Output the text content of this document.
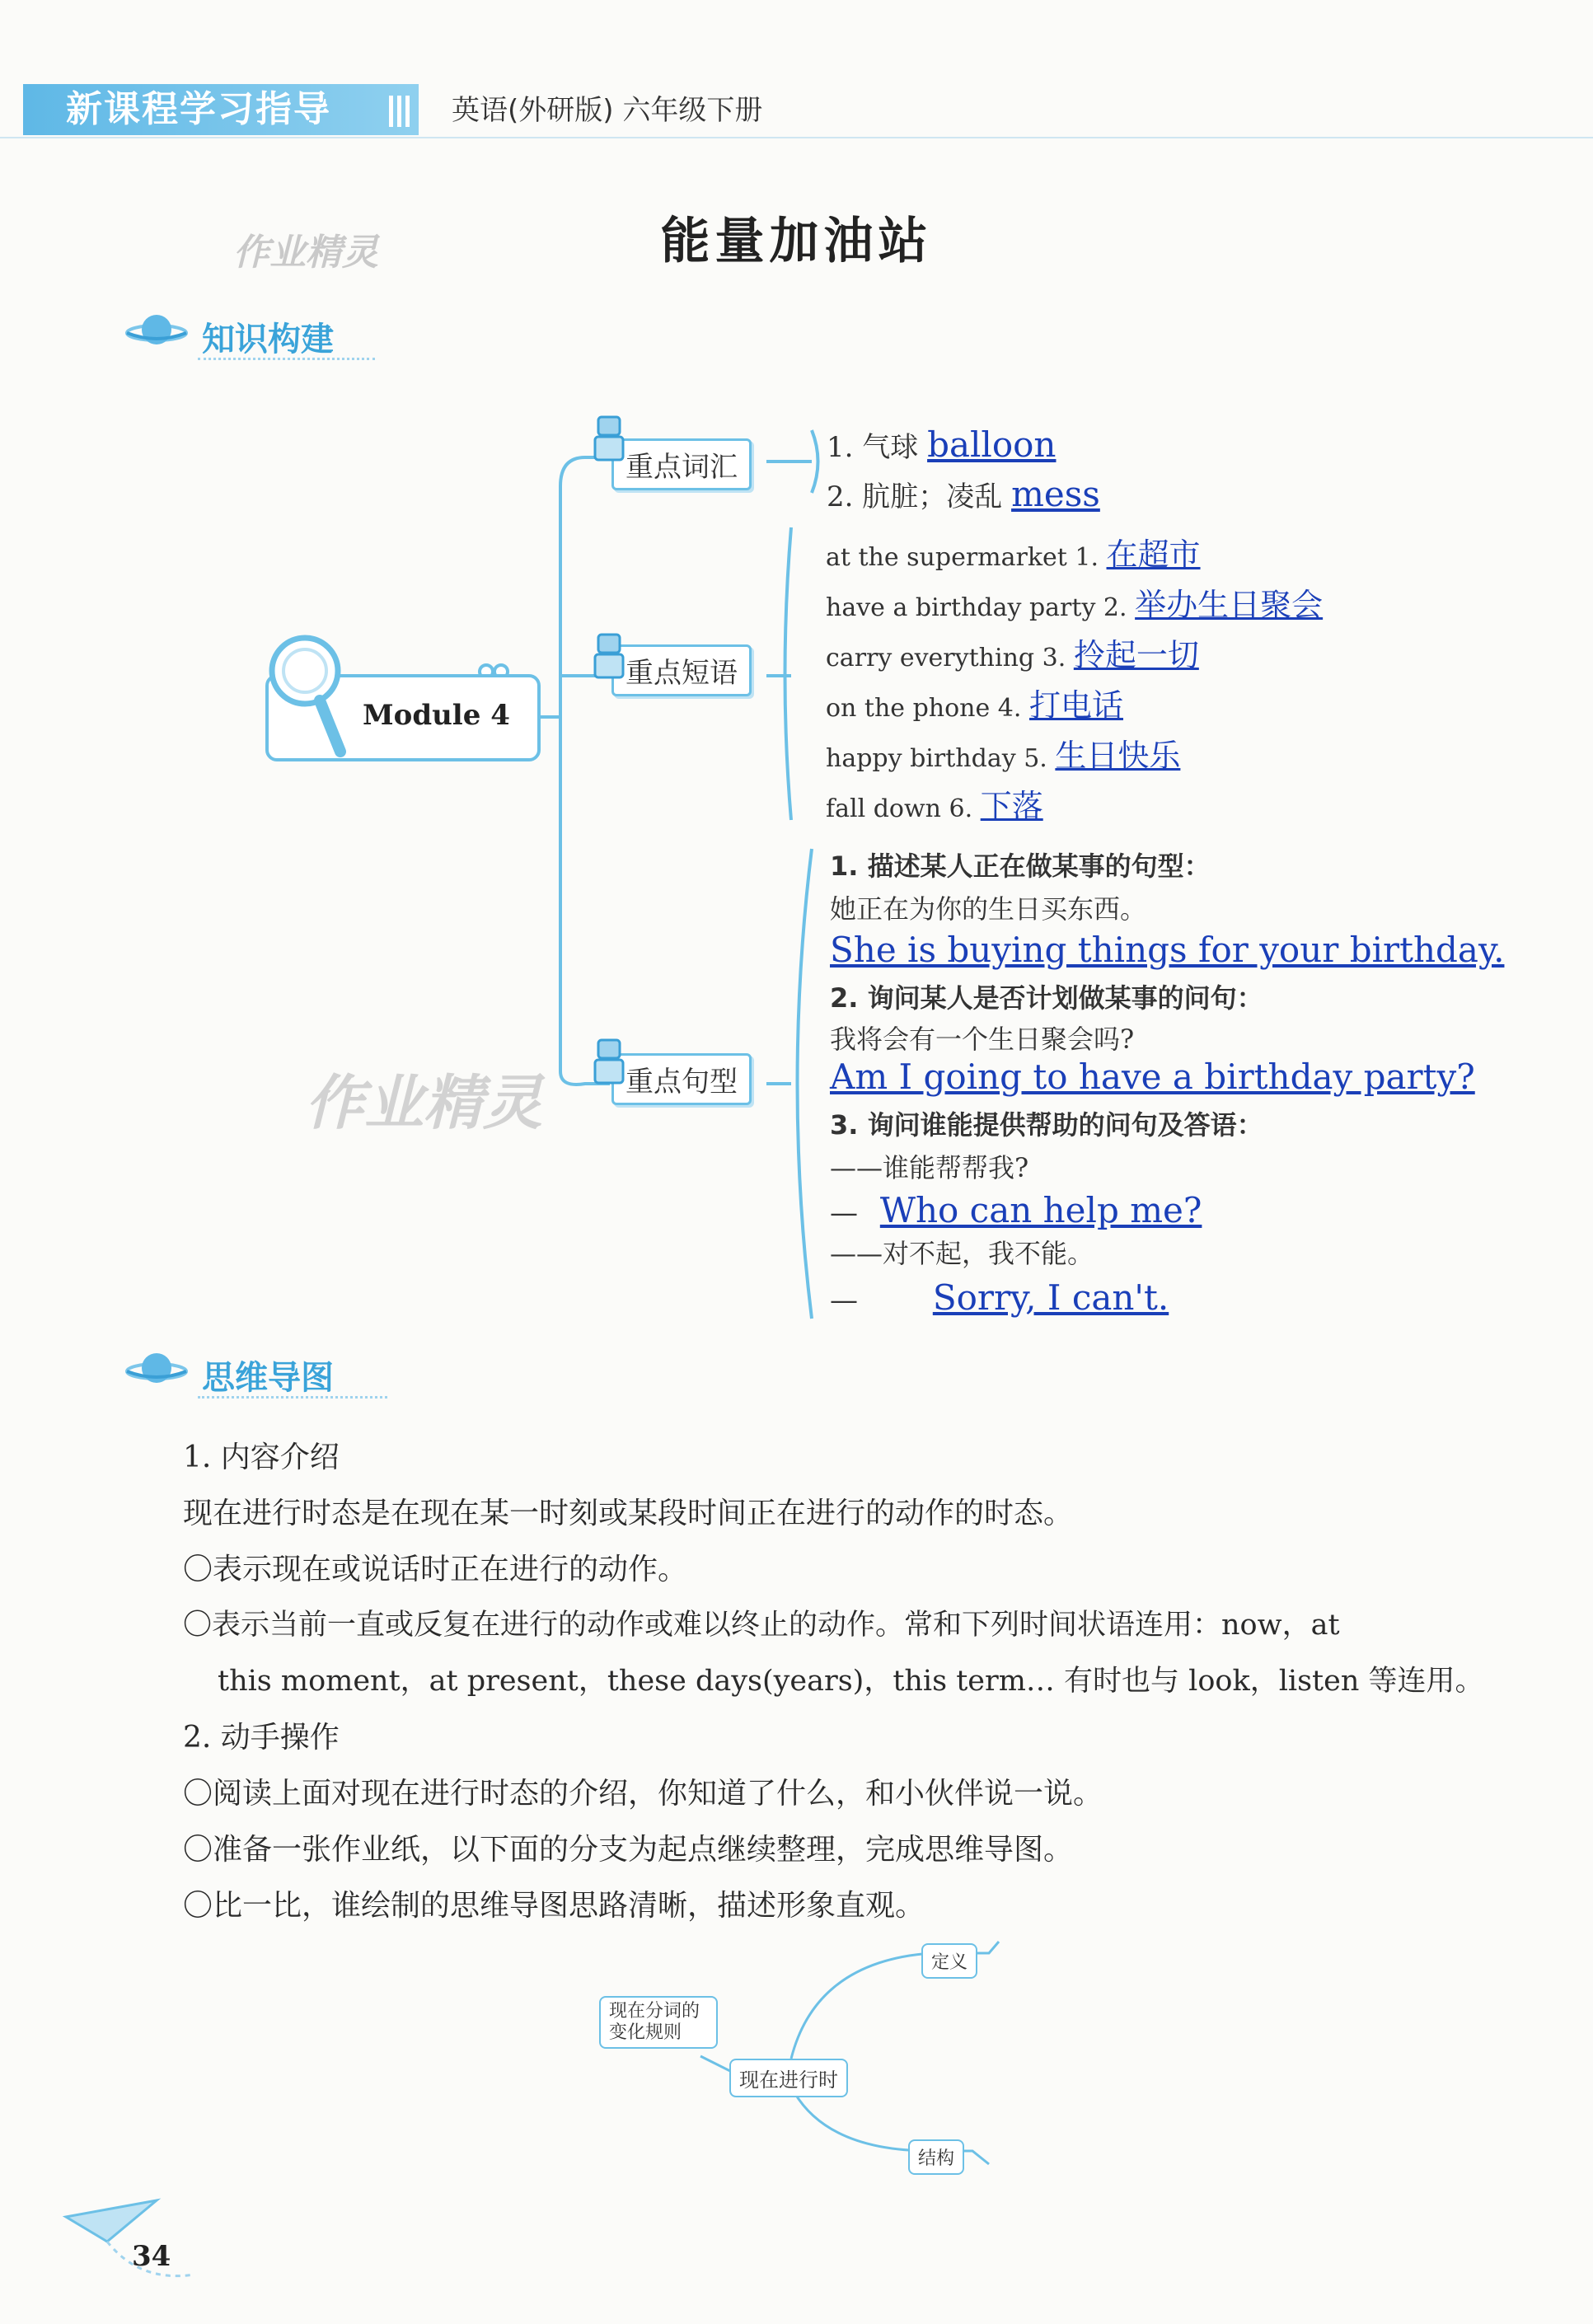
新课程学习指导	英语(外研版) 六年级下册
能量加油站
作业精灵
知识构建
Module 4
重点词汇
重点短语
重点句型
1. 气球 balloon
2. 肮脏；凌乱 mess
at the supermarket 1. 在超市
have a birthday party 2. 举办生日聚会
carry everything 3. 拎起一切
on the phone 4. 打电话
happy birthday 5. 生日快乐
fall down 6. 下落
1. 描述某人正在做某事的句型：
她正在为你的生日买东西。
She is buying things for your birthday.
2. 询问某人是否计划做某事的问句：
我将会有一个生日聚会吗?
Am I going to have a birthday party?
3. 询问谁能提供帮助的问句及答语：
——谁能帮帮我?
— Who can help me?
——对不起，我不能。
— Sorry, I can't.
作业精灵
思维导图
1. 内容介绍
现在进行时态是在现在某一时刻或某段时间正在进行的动作的时态。
〇表示现在或说话时正在进行的动作。
〇表示当前一直或反复在进行的动作或难以终止的动作。常和下列时间状语连用：now，at
this moment，at present，these days(years)，this term… 有时也与 look，listen 等连用。
2. 动手操作
〇阅读上面对现在进行时态的介绍，你知道了什么，和小伙伴说一说。
〇准备一张作业纸，以下面的分支为起点继续整理，完成思维导图。
〇比一比，谁绘制的思维导图思路清晰，描述形象直观。
定义
现在分词的变化规则
现在进行时
结构
34
